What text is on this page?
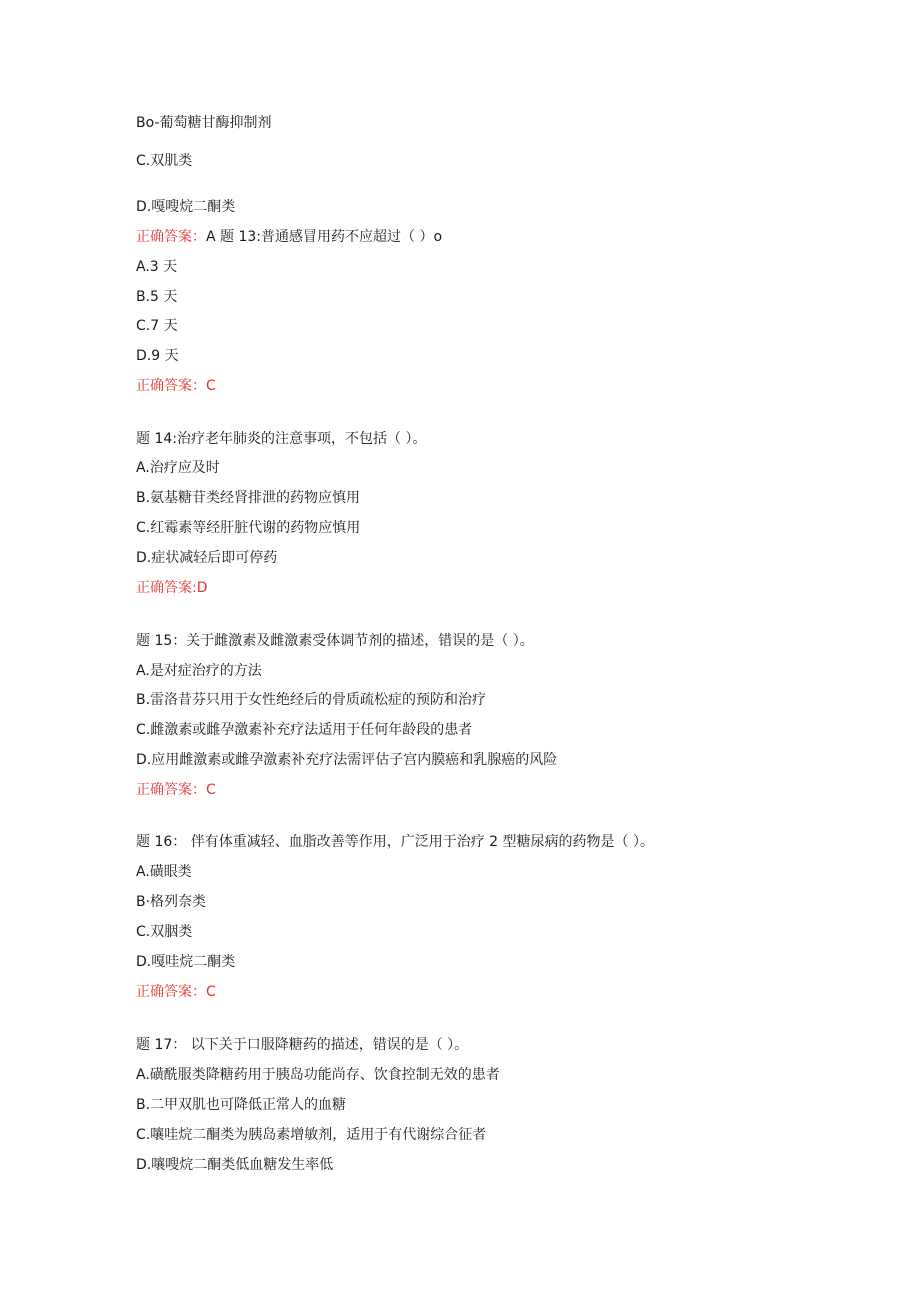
Bo-葡萄糖甘酶抑制剂
C.双肌类
D.嘎嗖烷二酮类
正确答案：A 题 13:普通感冒用药不应超过（ ）o
A.3 天
B.5 天
C.7 天
D.9 天
正确答案：C
题 14:治疗老年肺炎的注意事项，不包括（ ）。
A.治疗应及时
B.氨基糖苷类经肾排泄的药物应慎用
C.红霉素等经肝脏代谢的药物应慎用
D.症状减轻后即可停药
正确答案:D
题 15：关于雌激素及雌激素受体调节剂的描述，错误的是（ ）。
A.是对症治疗的方法
B.雷洛昔芬只用于女性绝经后的骨质疏松症的预防和治疗
C.雌激素或雌孕激素补充疗法适用于任何年龄段的患者
D.应用雌激素或雌孕激素补充疗法需评估子宫内膜癌和乳腺癌的风险
正确答案：C
题 16： 伴有体重减轻、血脂改善等作用，广泛用于治疗 2 型糖尿病的药物是（ ）。
A.磺眼类
B·格列奈类
C.双胭类
D.嘎哇烷二酮类
正确答案：C
题 17： 以下关于口服降糖药的描述，错误的是（ ）。
A.磺酰服类降糖药用于胰岛功能尚存、饮食控制无效的患者
B.二甲双肌也可降低正常人的血糖
C.嚷哇烷二酮类为胰岛素增敏剂，适用于有代谢综合征者
D.嚷嗖烷二酮类低血糖发生率低
